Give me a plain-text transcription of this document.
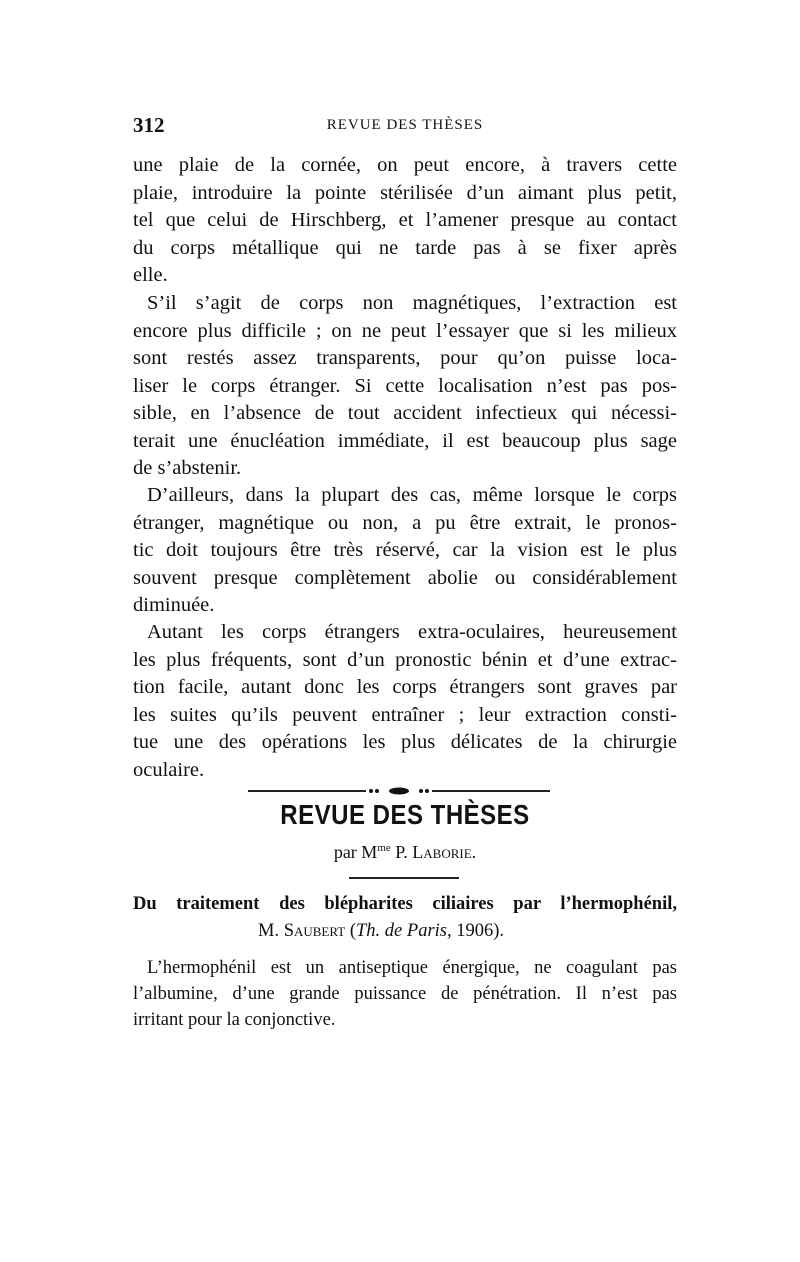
312	REVUE DES THÈSES

une plaie de la cornée, on peut encore, à travers cette
plaie, introduire la pointe stérilisée d’un aimant plus petit,
tel que celui de Hirschberg, et l’amener presque au contact
du corps métallique qui ne tarde pas à se fixer après
elle.

S’il s’agit de corps non magnétiques, l’extraction est
encore plus difficile ; on ne peut l’essayer que si les milieux
sont restés assez transparents, pour qu’on puisse loca-
liser le corps étranger. Si cette localisation n’est pas pos-
sible, en l’absence de tout accident infectieux qui nécessi-
terait une énucléation immédiate, il est beaucoup plus sage
de s’abstenir.

D’ailleurs, dans la plupart des cas, même lorsque le corps
étranger, magnétique ou non, a pu être extrait, le pronos-
tic doit toujours être très réservé, car la vision est le plus
souvent presque complètement abolie ou considérablement
diminuée.

Autant les corps étrangers extra-oculaires, heureusement
les plus fréquents, sont d’un pronostic bénin et d’une extrac-
tion facile, autant donc les corps étrangers sont graves par
les suites qu’ils peuvent entraîner ; leur extraction consti-
tue une des opérations les plus délicates de la chirurgie
oculaire.

REVUE DES THÈSES
par $M^{me}$ P. Laborie.
Du traitement des blépharites ciliaires par l’hermophénil,
M. Saubert (Th. de Paris, 1906).
L’hermophénil est un antiseptique énergique, ne coagulant pas
l’albumine, d’une grande puissance de pénétration. Il n’est pas
irritant pour la conjonctive.
